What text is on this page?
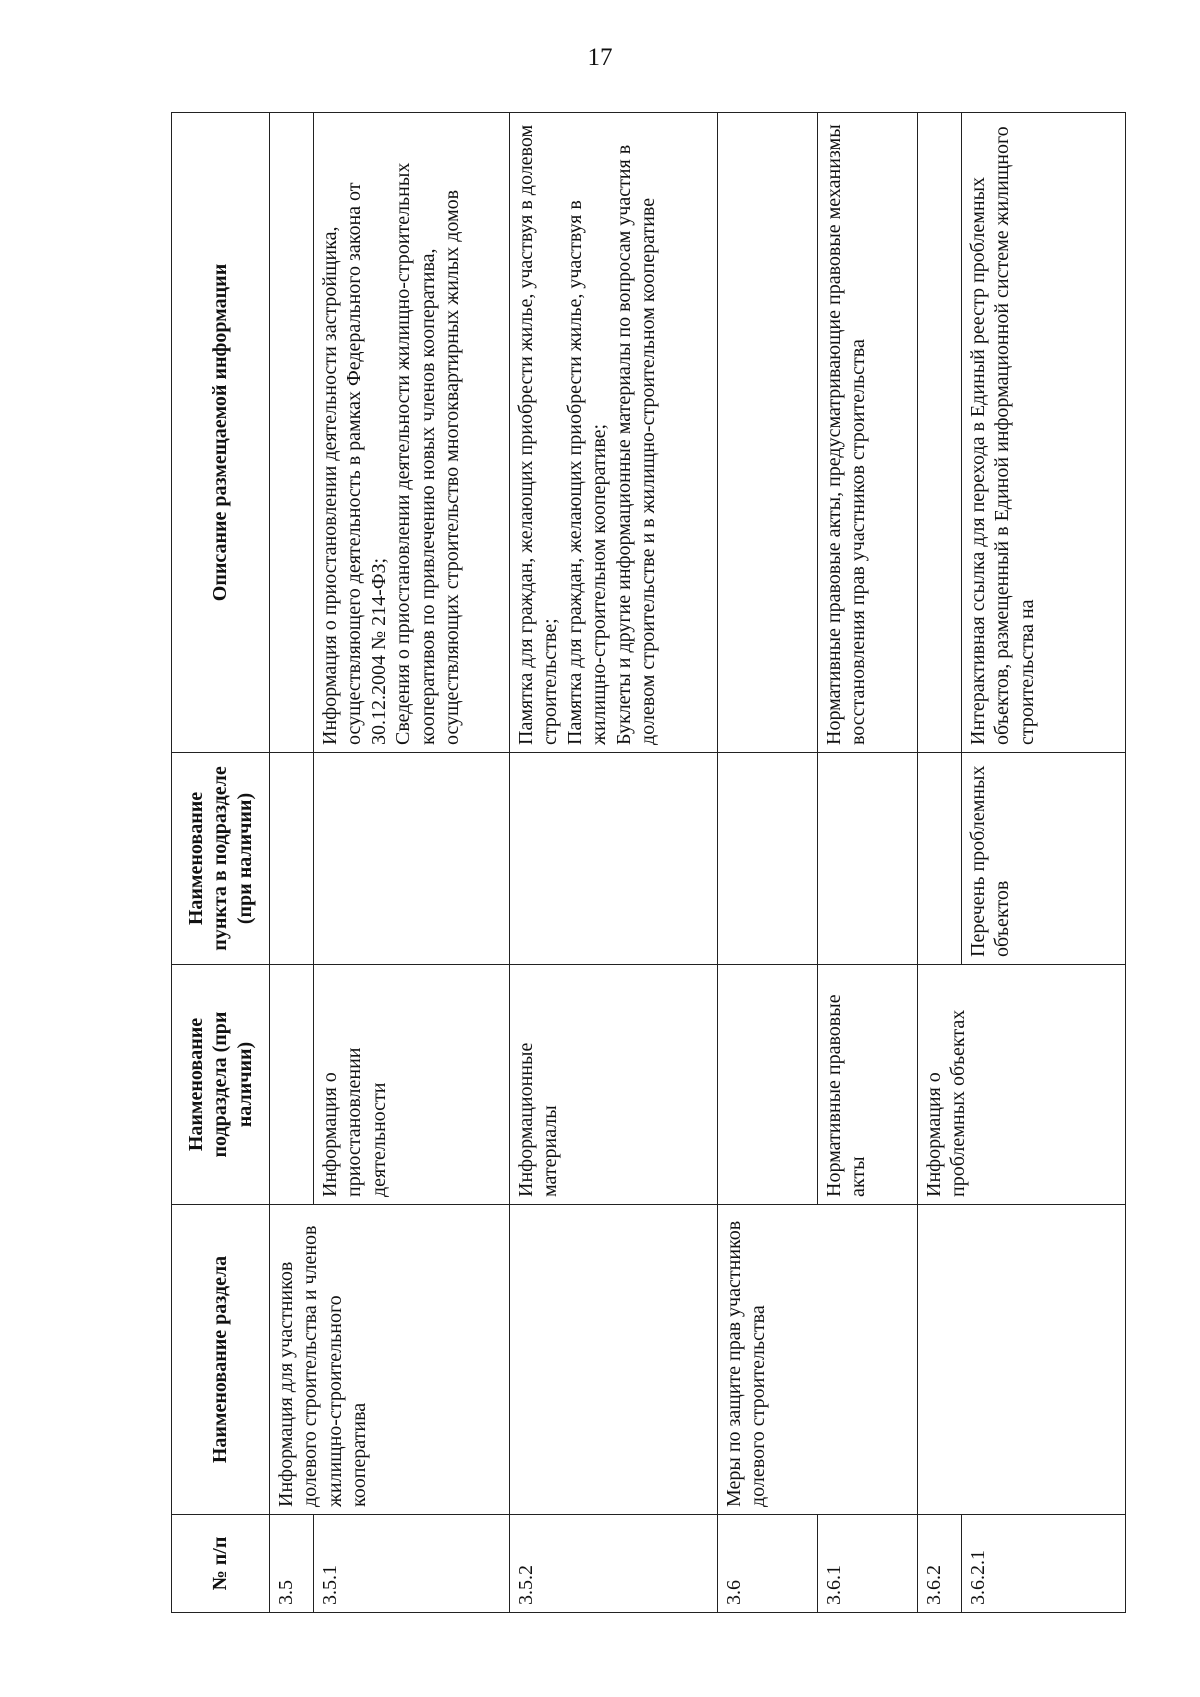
17
№ п/п	Наименование раздела	Наименование подраздела (при наличии)	Наименование пункта в подразделе (при наличии)	Описание размещаемой информации
3.5	Информация для участников долевого строительства и членов жилищно-строительного кооператива			
3.5.1		Информация о приостановлении деятельности		Информация о приостановлении деятельности застройщика, осуществляющего деятельность в рамках Федерального закона от 30.12.2004 № 214-ФЗ;
Сведения о приостановлении деятельности жилищно-строительных кооперативов по привлечению новых членов кооператива, осуществляющих строительство многоквартирных жилых домов
3.5.2		Информационные материалы		Памятка для граждан, желающих приобрести жилье, участвуя в долевом строительстве;
Памятка для граждан, желающих приобрести жилье, участвуя в жилищно-строительном кооперативе;
Буклеты и другие информационные материалы по вопросам участия в долевом строительстве и в жилищно-строительном кооперативе
3.6	Меры по защите прав участников долевого строительства			
3.6.1		Нормативные правовые акты		Нормативные правовые акты, предусматривающие правовые механизмы восстановления прав участников строительства
3.6.2		Информация о проблемных объектах		
3.6.2.1			Перечень проблемных объектов	Интерактивная ссылка для перехода в Единый реестр проблемных объектов, размещенный в Единой информационной системе жилищного строительства на
